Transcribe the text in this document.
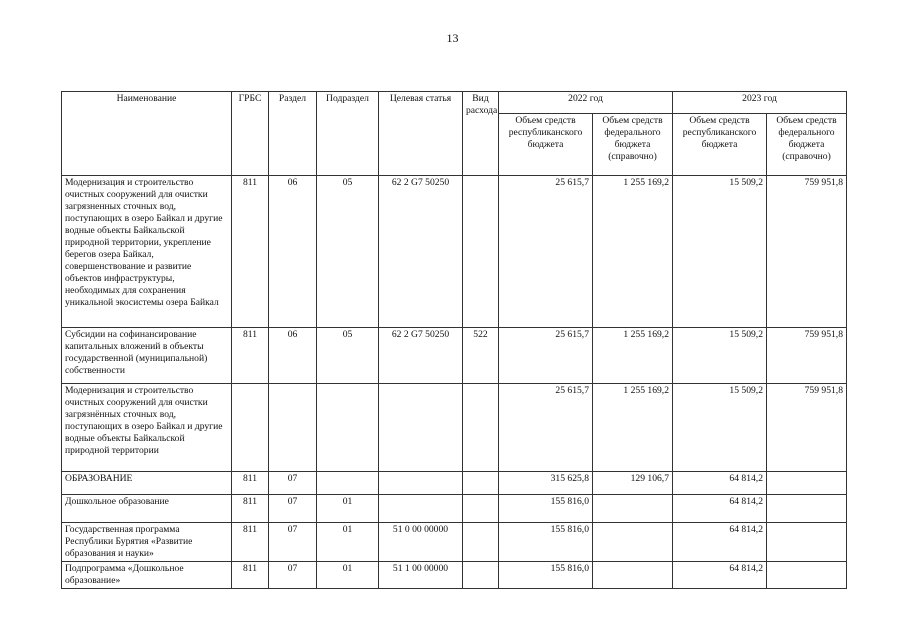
13
Наименование	ГРБС	Раздел	Подраздел	Целевая статья	Вид расхода	2022 год		2023 год	
						Объем средств республиканского бюджета	Объем средств федерального бюджета (справочно)	Объем средств республиканского бюджета	Объем средств федерального бюджета (справочно)
Модернизация и строительство очистных сооружений для очистки загрязненных сточных вод, поступающих в озеро Байкал и другие водные объекты Байкальской природной территории, укрепление берегов озера Байкал, совершенствование и развитие объектов инфраструктуры, необходимых для сохранения уникальной экосистемы озера Байкал	811	06	05	62 2 G7 50250		25 615,7	1 255 169,2	15 509,2	759 951,8
Субсидии на софинансирование капитальных вложений в объекты государственной (муниципальной) собственности	811	06	05	62 2 G7 50250	522	25 615,7	1 255 169,2	15 509,2	759 951,8
Модернизация и строительство очистных сооружений для очистки загрязнённых сточных вод, поступающих в озеро Байкал и другие водные объекты Байкальской природной территории						25 615,7	1 255 169,2	15 509,2	759 951,8
ОБРАЗОВАНИЕ	811	07				315 625,8	129 106,7	64 814,2	
Дошкольное образование	811	07	01			155 816,0		64 814,2	
Государственная программа Республики Бурятия «Развитие образования и науки»	811	07	01	51 0 00 00000		155 816,0		64 814,2	
Подпрограмма «Дошкольное образование»	811	07	01	51 1 00 00000		155 816,0		64 814,2	
